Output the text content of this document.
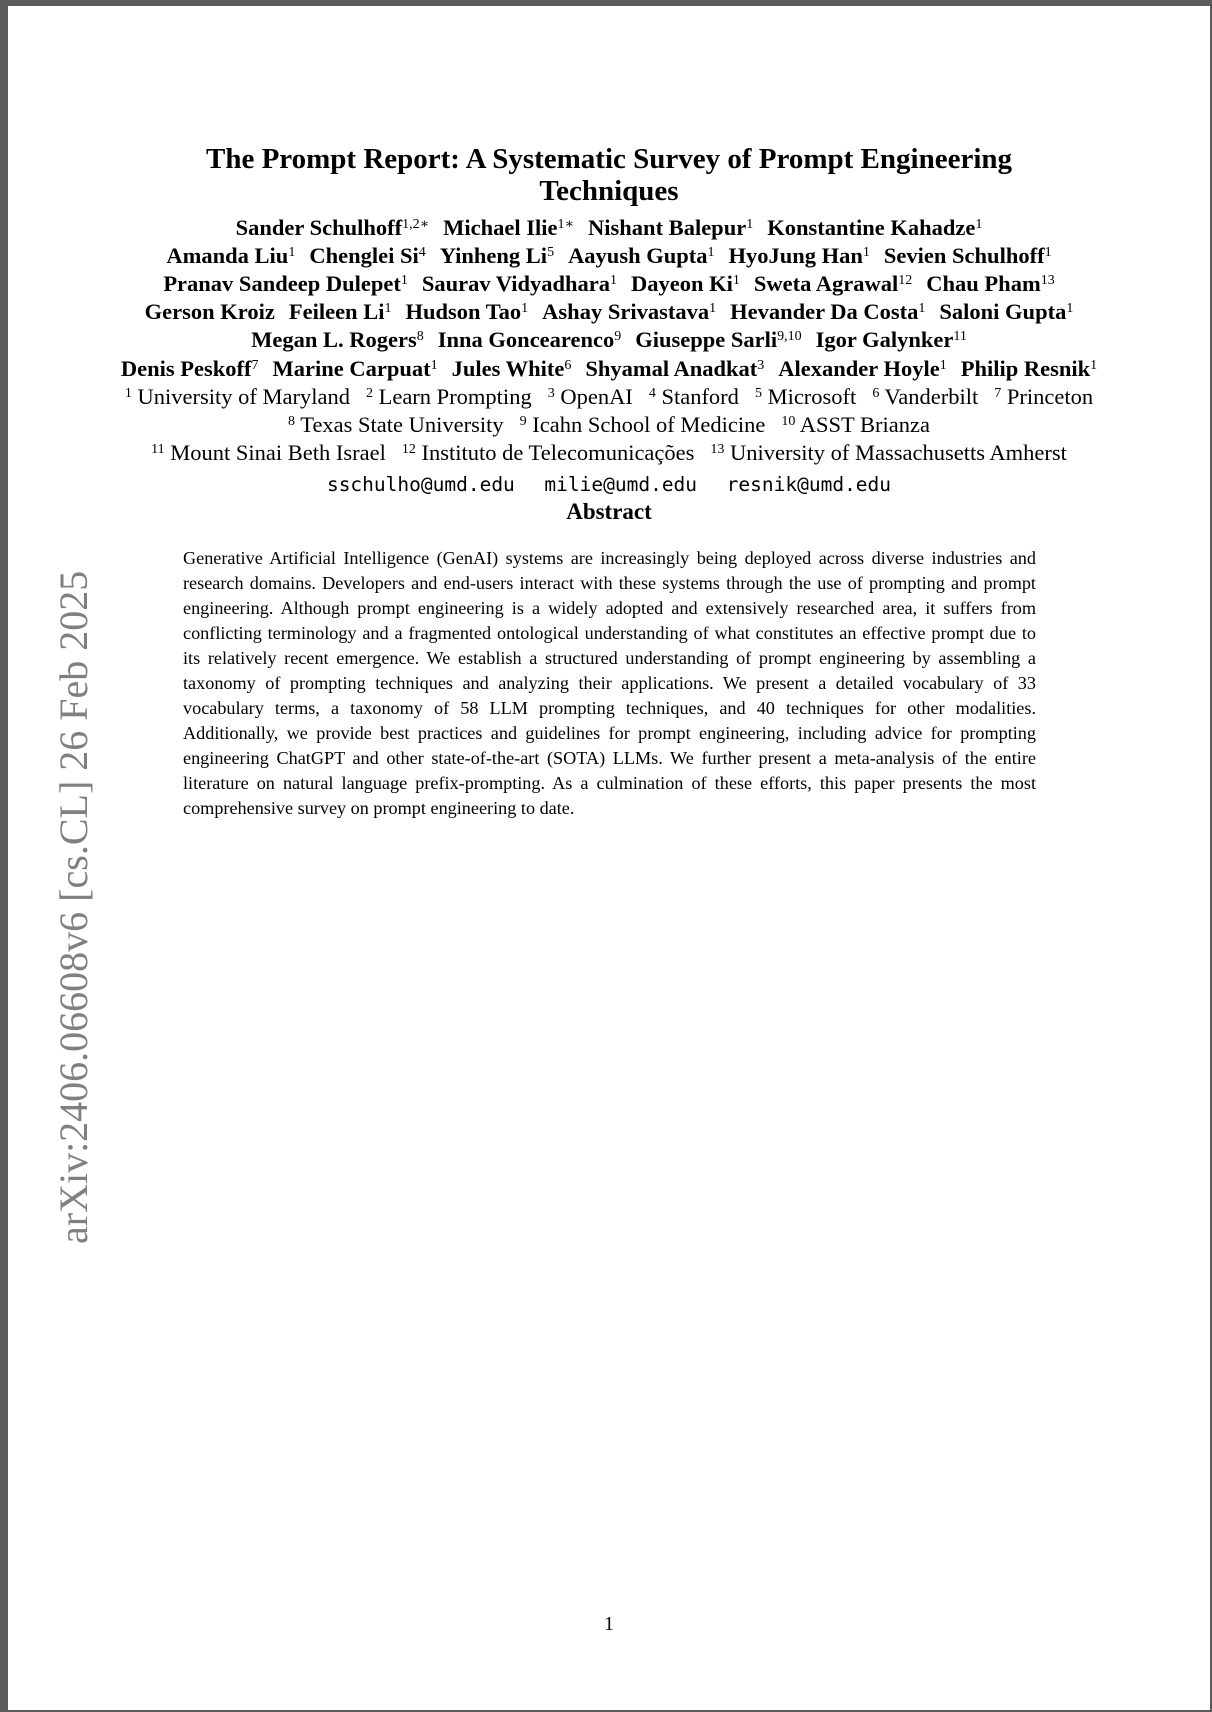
The Prompt Report: A Systematic Survey of Prompt Engineering
Techniques
Sander Schulhoff$^{1,2∗}$ Michael Ilie$^{1∗}$ Nishant Balepur$^1$ Konstantine Kahadze$^1$
Amanda Liu$^1$ Chenglei Si$^4$ Yinheng Li$^5$ Aayush Gupta$^1$ HyoJung Han$^1$ Sevien Schulhoff$^1$
Pranav Sandeep Dulepet$^1$ Saurav Vidyadhara$^1$ Dayeon Ki$^1$ Sweta Agrawal$^{12}$ Chau Pham$^{13}$
Gerson Kroiz Feileen Li$^1$ Hudson Tao$^1$ Ashay Srivastava$^1$ Hevander Da Costa$^1$ Saloni Gupta$^1$
Megan L. Rogers$^8$ Inna Goncearenco$^9$ Giuseppe Sarli$^{9,10}$ Igor Galynker$^{11}$
Denis Peskoff$^7$ Marine Carpuat$^1$ Jules White$^6$ Shyamal Anadkat$^3$ Alexander Hoyle$^1$ Philip Resnik$^1$
$^1$ University of Maryland $^2$ Learn Prompting $^3$ OpenAI $^4$ Stanford $^5$ Microsoft $^6$ Vanderbilt $^7$ Princeton
$^8$ Texas State University $^9$ Icahn School of Medicine $^{10}$ ASST Brianza
$^{11}$ Mount Sinai Beth Israel $^{12}$ Instituto de Telecomunicações $^{13}$ University of Massachusetts Amherst
sschulho@umd.edu milie@umd.edu resnik@umd.edu
Abstract

Generative Artificial Intelligence (GenAI) systems are increasingly being deployed across diverse industries and research domains. Developers and end-users interact with these systems through the use of prompting and prompt engineering. Although prompt engineering is a widely adopted and extensively researched area, it suffers from conflicting terminology and a fragmented ontological understanding of what constitutes an effective prompt due to its relatively recent emergence. We establish a structured understanding of prompt engineering by assembling a taxonomy of prompting techniques and analyzing their applications. We present a detailed vocabulary of 33 vocabulary terms, a taxonomy of 58 LLM prompting techniques, and 40 techniques for other modalities. Additionally, we provide best practices and guidelines for prompt engineering, including advice for prompting engineering ChatGPT and other state-of-the-art (SOTA) LLMs. We further present a meta-analysis of the entire literature on natural language prefix-prompting. As a culmination of these efforts, this paper presents the most comprehensive survey on prompt engineering to date.

arXiv:2406.06608v6 [cs.CL] 26 Feb 2025
1
